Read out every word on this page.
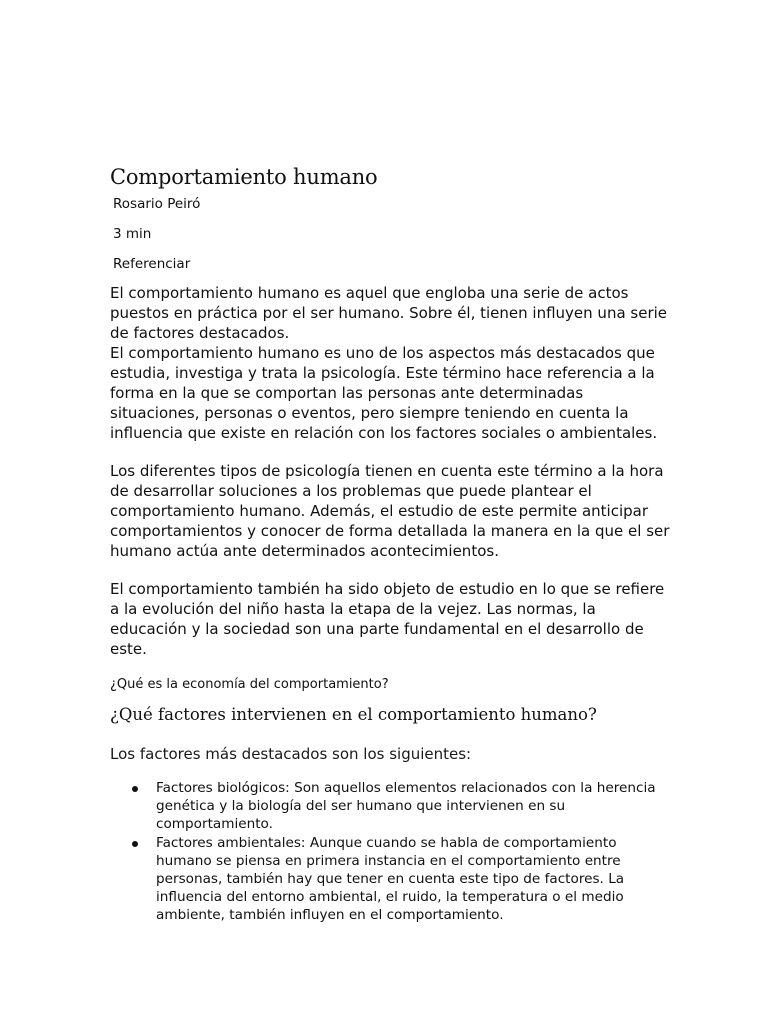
Comportamiento humano
Rosario Peiró
3 min
Referenciar

El comportamiento humano es aquel que engloba una serie de actos puestos en práctica por el ser humano. Sobre él, tienen influyen una serie de factores destacados.

El comportamiento humano es uno de los aspectos más destacados que estudia, investiga y trata la psicología. Este término hace referencia a la forma en la que se comportan las personas ante determinadas situaciones, personas o eventos, pero siempre teniendo en cuenta la influencia que existe en relación con los factores sociales o ambientales.

Los diferentes tipos de psicología tienen en cuenta este término a la hora de desarrollar soluciones a los problemas que puede plantear el comportamiento humano. Además, el estudio de este permite anticipar comportamientos y conocer de forma detallada la manera en la que el ser humano actúa ante determinados acontecimientos.

El comportamiento también ha sido objeto de estudio en lo que se refiere a la evolución del niño hasta la etapa de la vejez. Las normas, la educación y la sociedad son una parte fundamental en el desarrollo de este.

¿Qué es la economía del comportamiento?

¿Qué factores intervienen en el comportamiento humano?

Los factores más destacados son los siguientes:

Factores biológicos: Son aquellos elementos relacionados con la herencia genética y la biología del ser humano que intervienen en su comportamiento.
Factores ambientales: Aunque cuando se habla de comportamiento humano se piensa en primera instancia en el comportamiento entre personas, también hay que tener en cuenta este tipo de factores. La influencia del entorno ambiental, el ruido, la temperatura o el medio ambiente, también influyen en el comportamiento.
